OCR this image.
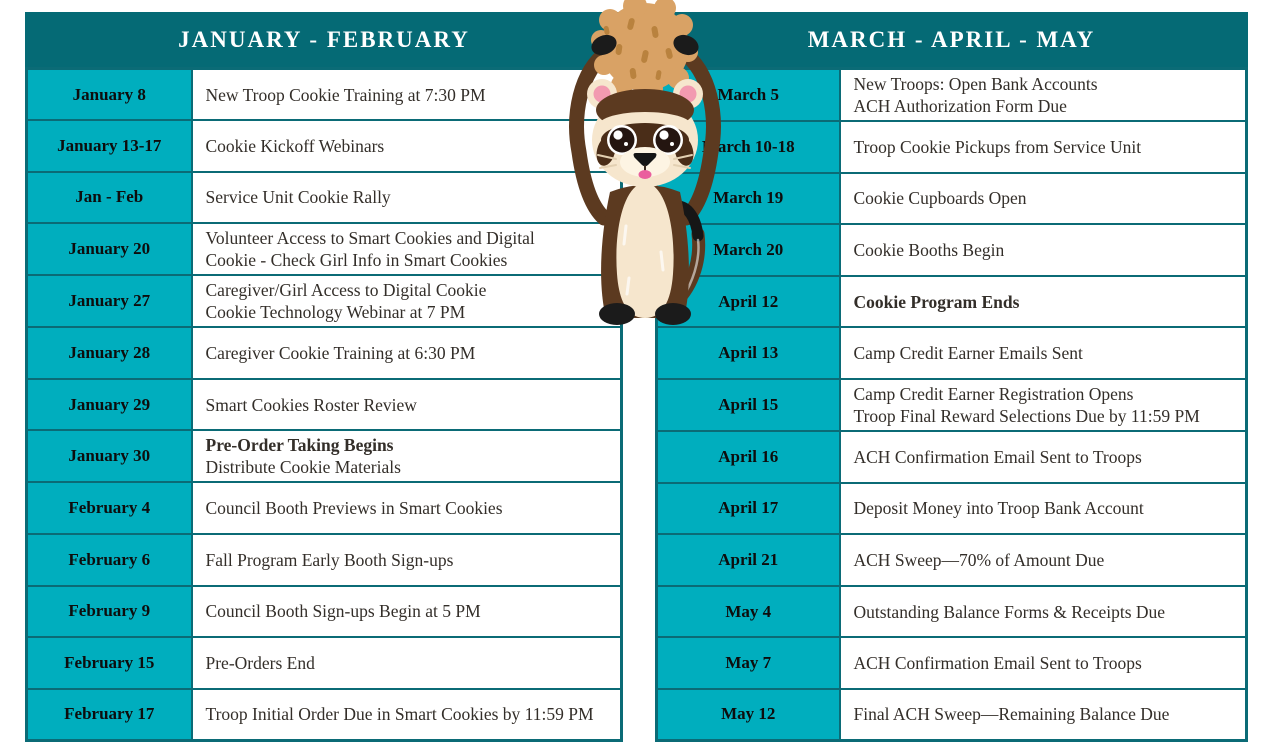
JANUARY - FEBRUARY
January 8	New Troop Cookie Training at 7:30 PM

January 13-17	Cookie Kickoff Webinars

Jan - Feb	Service Unit Cookie Rally

January 20	Volunteer Access to Smart Cookies and Digital
Cookie - Check Girl Info in Smart Cookies

January 27	Caregiver/Girl Access to Digital Cookie
Cookie Technology Webinar at 7 PM

January 28	Caregiver Cookie Training at 6:30 PM

January 29	Smart Cookies Roster Review

January 30	Pre-Order Taking Begins
Distribute Cookie Materials

February 4	Council Booth Previews in Smart Cookies

February 6	Fall Program Early Booth Sign-ups

February 9	Council Booth Sign-ups Begin at 5 PM

February 15	Pre-Orders End

February 17	Troop Initial Order Due in Smart Cookies by 11:59 PM
MARCH - APRIL - MAY
March 5	New Troops: Open Bank Accounts
ACH Authorization Form Due

March 10-18	Troop Cookie Pickups from Service Unit

March 19	Cookie Cupboards Open

March 20	Cookie Booths Begin

April 12	Cookie Program Ends

April 13	Camp Credit Earner Emails Sent

April 15	Camp Credit Earner Registration Opens
Troop Final Reward Selections Due by 11:59 PM

April 16	ACH Confirmation Email Sent to Troops

April 17	Deposit Money into Troop Bank Account

April 21	ACH Sweep—70% of Amount Due

May 4	Outstanding Balance Forms & Receipts Due

May 7	ACH Confirmation Email Sent to Troops

May 12	Final ACH Sweep—Remaining Balance Due
